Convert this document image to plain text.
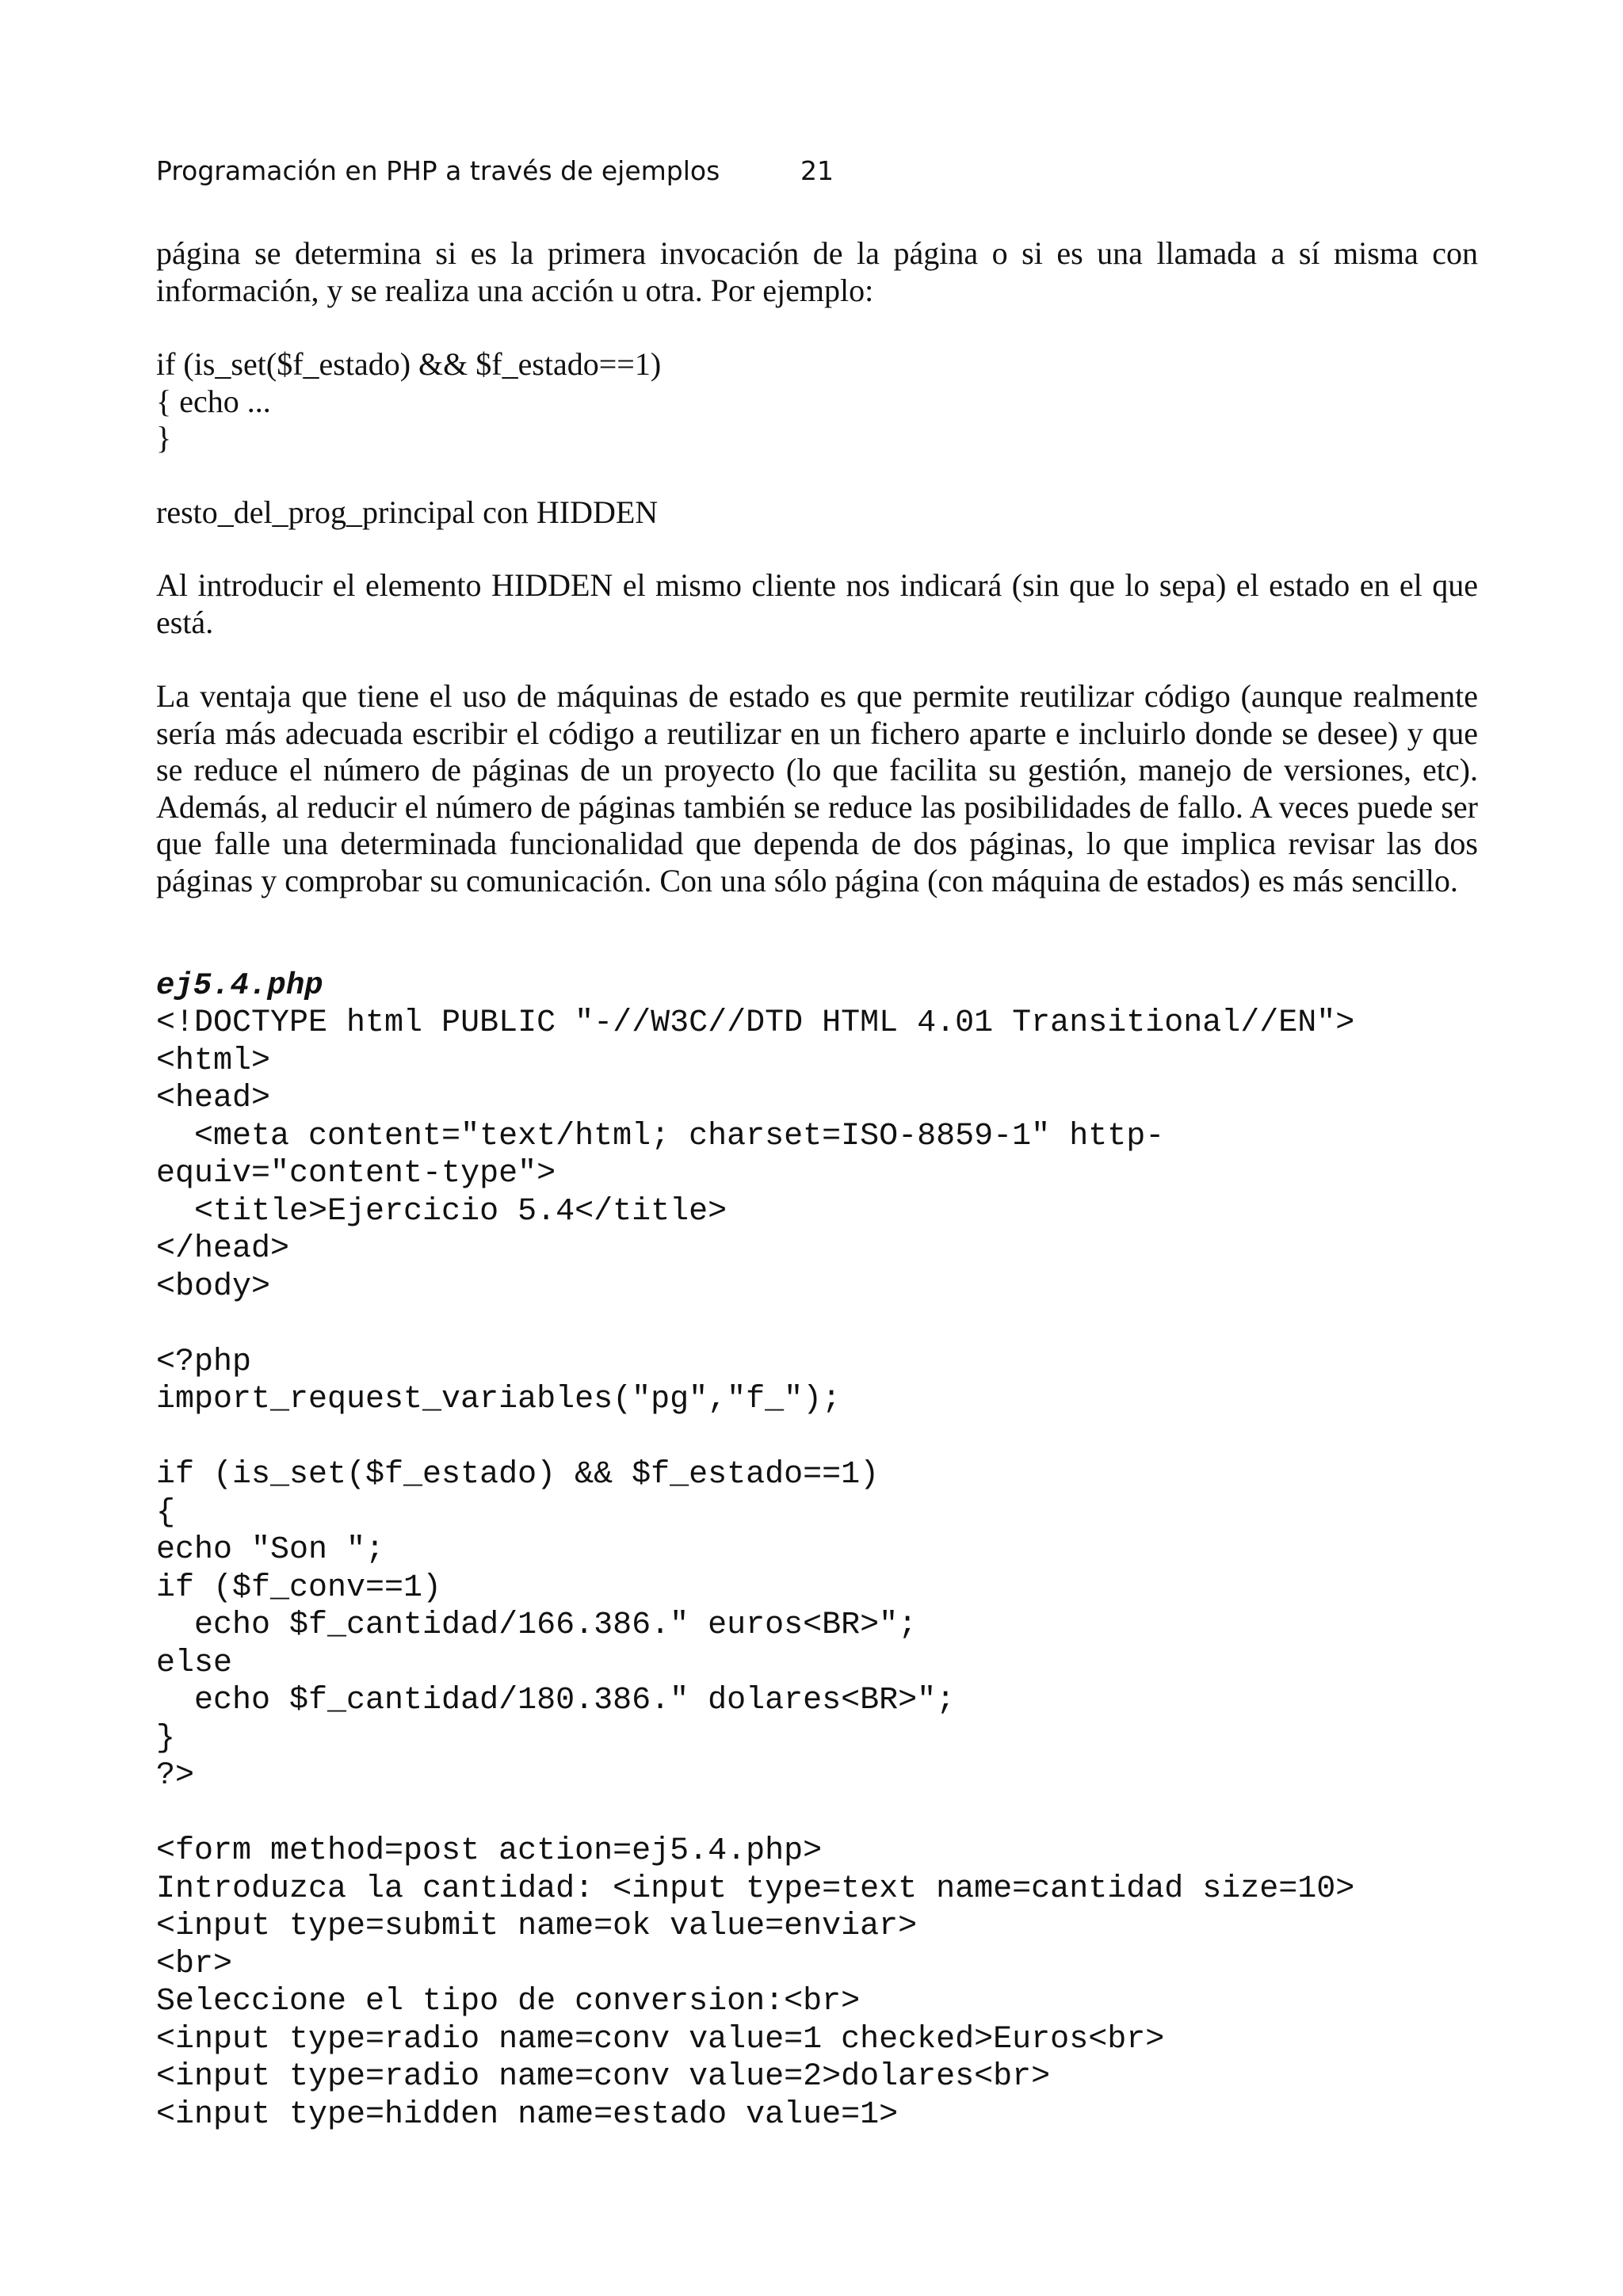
Programación en PHP a través de ejemplos	21
página se determina si es la primera invocación de la página o si es una llamada a sí misma con información, y se realiza una acción u otra. Por ejemplo:
if (is_set($f_estado) && $f_estado==1)
{ echo ...
}
resto_del_prog_principal con HIDDEN
Al introducir el elemento HIDDEN el mismo cliente nos indicará (sin que lo sepa) el estado en el que está.
La ventaja que tiene el uso de máquinas de estado es que permite reutilizar código (aunque realmente sería más adecuada escribir el código a reutilizar en un fichero aparte e incluirlo donde se desee) y que se reduce el número de páginas de un proyecto (lo que facilita su gestión, manejo de versiones, etc). Además, al reducir el número de páginas también se reduce las posibilidades de fallo. A veces puede ser que falle una determinada funcionalidad que dependa de dos páginas, lo que implica revisar las dos páginas y comprobar su comunicación. Con una sólo página (con máquina de estados) es más sencillo.
ej5.4.php
<!DOCTYPE html PUBLIC "-//W3C//DTD HTML 4.01 Transitional//EN">
<html>
<head>
<meta content="text/html; charset=ISO-8859-1" http-
equiv="content-type">
<title>Ejercicio 5.4</title>
</head>
<body>

<?php
import_request_variables("pg","f_");

if (is_set($f_estado) && $f_estado==1)
{
echo "Son ";
if ($f_conv==1)
echo $f_cantidad/166.386." euros<BR>";
else
echo $f_cantidad/180.386." dolares<BR>";
}
?>

<form method=post action=ej5.4.php>
Introduzca la cantidad: <input type=text name=cantidad size=10>
<input type=submit name=ok value=enviar>
<br>
Seleccione el tipo de conversion:<br>
<input type=radio name=conv value=1 checked>Euros<br>
<input type=radio name=conv value=2>dolares<br>
<input type=hidden name=estado value=1>
